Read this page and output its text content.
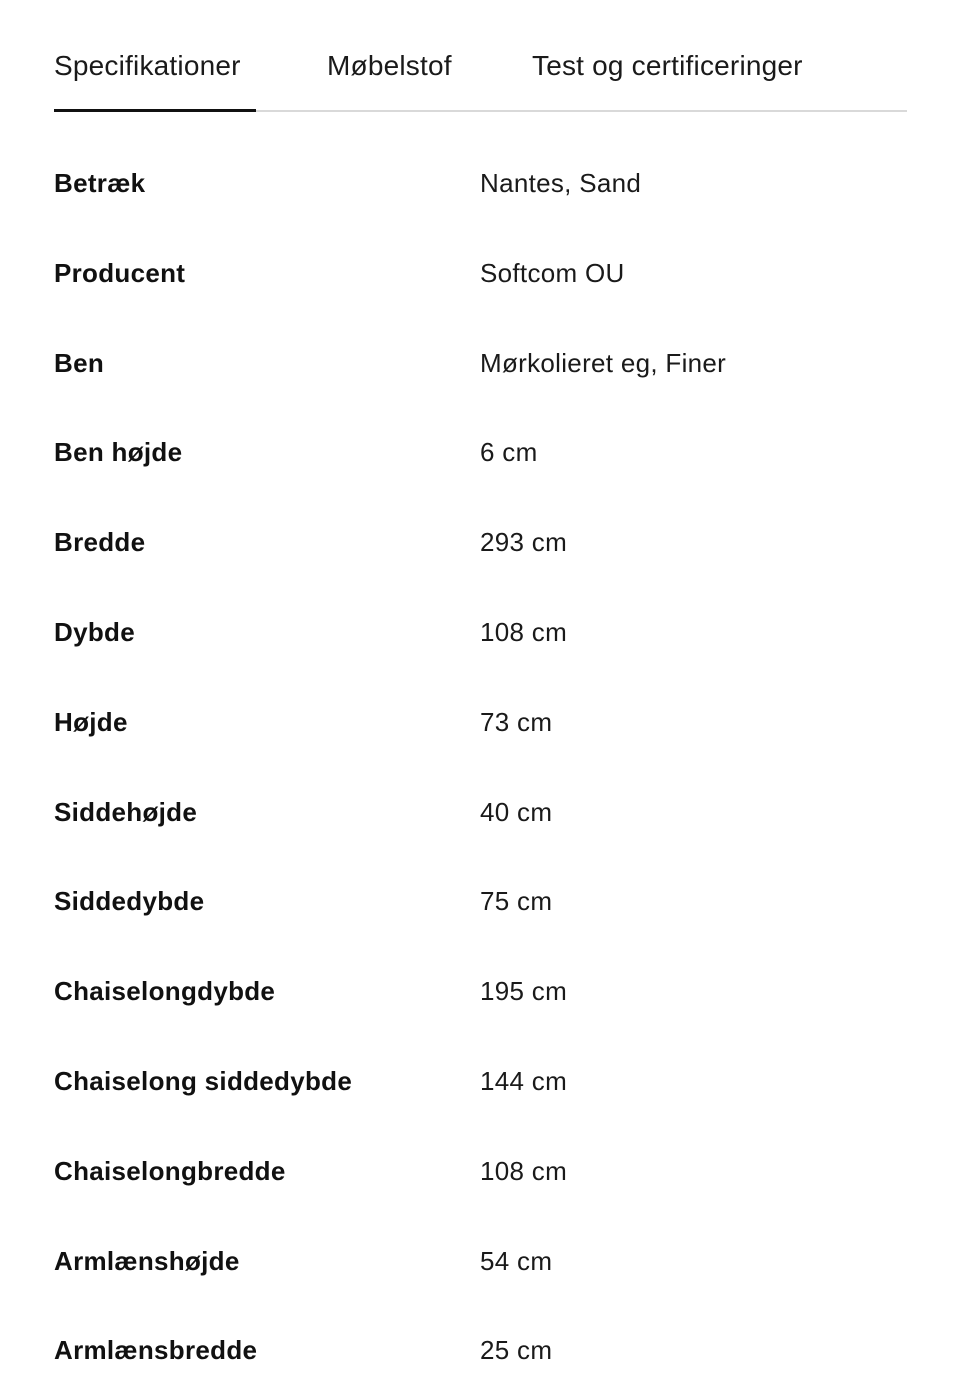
Specifikationer	Møbelstof	Test og certificeringer
Betræk	Nantes, Sand
Producent	Softcom OU
Ben	Mørkolieret eg, Finer
Ben højde	6 cm
Bredde	293 cm
Dybde	108 cm
Højde	73 cm
Siddehøjde	40 cm
Siddedybde	75 cm
Chaiselongdybde	195 cm
Chaiselong siddedybde	144 cm
Chaiselongbredde	108 cm
Armlænshøjde	54 cm
Armlænsbredde	25 cm
